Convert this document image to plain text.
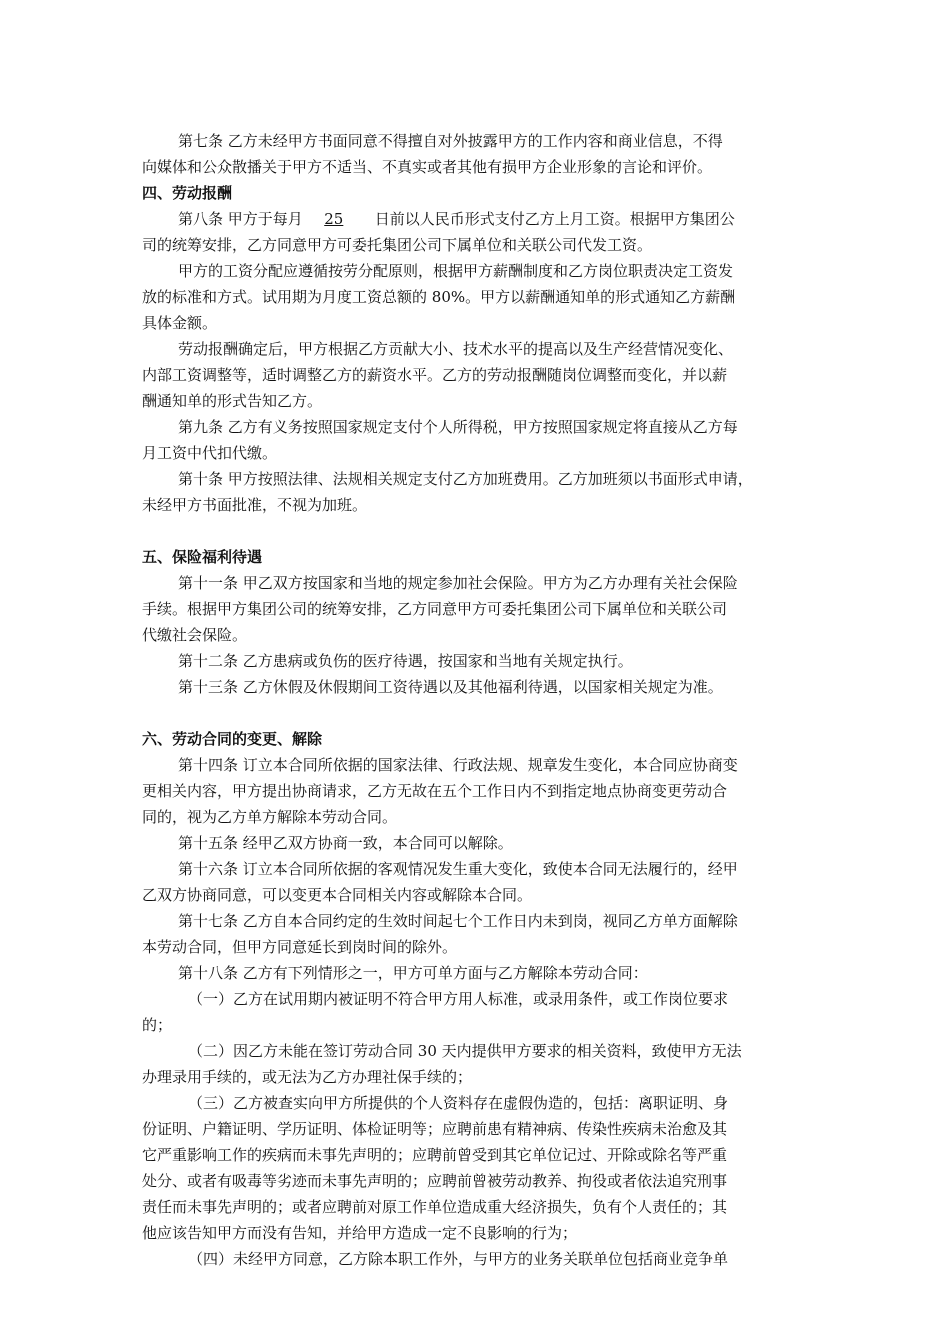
第七条 乙方未经甲方书面同意不得擅自对外披露甲方的工作内容和商业信息，不得
向媒体和公众散播关于甲方不适当、不真实或者其他有损甲方企业形象的言论和评价。
四、劳动报酬
第八条 甲方于每月 25 日前以人民币形式支付乙方上月工资。根据甲方集团公
司的统筹安排，乙方同意甲方可委托集团公司下属单位和关联公司代发工资。
甲方的工资分配应遵循按劳分配原则，根据甲方薪酬制度和乙方岗位职责决定工资发
放的标准和方式。试用期为月度工资总额的 80%。甲方以薪酬通知单的形式通知乙方薪酬
具体金额。
劳动报酬确定后，甲方根据乙方贡献大小、技术水平的提高以及生产经营情况变化、
内部工资调整等，适时调整乙方的薪资水平。乙方的劳动报酬随岗位调整而变化，并以薪
酬通知单的形式告知乙方。
第九条 乙方有义务按照国家规定支付个人所得税，甲方按照国家规定将直接从乙方每
月工资中代扣代缴。
第十条 甲方按照法律、法规相关规定支付乙方加班费用。乙方加班须以书面形式申请，
未经甲方书面批准，不视为加班。
五、保险福利待遇
第十一条 甲乙双方按国家和当地的规定参加社会保险。甲方为乙方办理有关社会保险
手续。根据甲方集团公司的统筹安排，乙方同意甲方可委托集团公司下属单位和关联公司
代缴社会保险。
第十二条 乙方患病或负伤的医疗待遇，按国家和当地有关规定执行。
第十三条 乙方休假及休假期间工资待遇以及其他福利待遇，以国家相关规定为准。
六、劳动合同的变更、解除
第十四条 订立本合同所依据的国家法律、行政法规、规章发生变化，本合同应协商变
更相关内容，甲方提出协商请求，乙方无故在五个工作日内不到指定地点协商变更劳动合
同的，视为乙方单方解除本劳动合同。
第十五条 经甲乙双方协商一致，本合同可以解除。
第十六条 订立本合同所依据的客观情况发生重大变化，致使本合同无法履行的，经甲
乙双方协商同意，可以变更本合同相关内容或解除本合同。
第十七条 乙方自本合同约定的生效时间起七个工作日内未到岗，视同乙方单方面解除
本劳动合同，但甲方同意延长到岗时间的除外。
第十八条 乙方有下列情形之一，甲方可单方面与乙方解除本劳动合同：
（一）乙方在试用期内被证明不符合甲方用人标准，或录用条件，或工作岗位要求
的；
（二）因乙方未能在签订劳动合同 30 天内提供甲方要求的相关资料，致使甲方无法
办理录用手续的，或无法为乙方办理社保手续的；
（三）乙方被查实向甲方所提供的个人资料存在虚假伪造的，包括：离职证明、身
份证明、户籍证明、学历证明、体检证明等；应聘前患有精神病、传染性疾病未治愈及其
它严重影响工作的疾病而未事先声明的；应聘前曾受到其它单位记过、开除或除名等严重
处分、或者有吸毒等劣迹而未事先声明的；应聘前曾被劳动教养、拘役或者依法追究刑事
责任而未事先声明的；或者应聘前对原工作单位造成重大经济损失，负有个人责任的；其
他应该告知甲方而没有告知，并给甲方造成一定不良影响的行为；
（四）未经甲方同意，乙方除本职工作外，与甲方的业务关联单位包括商业竞争单
